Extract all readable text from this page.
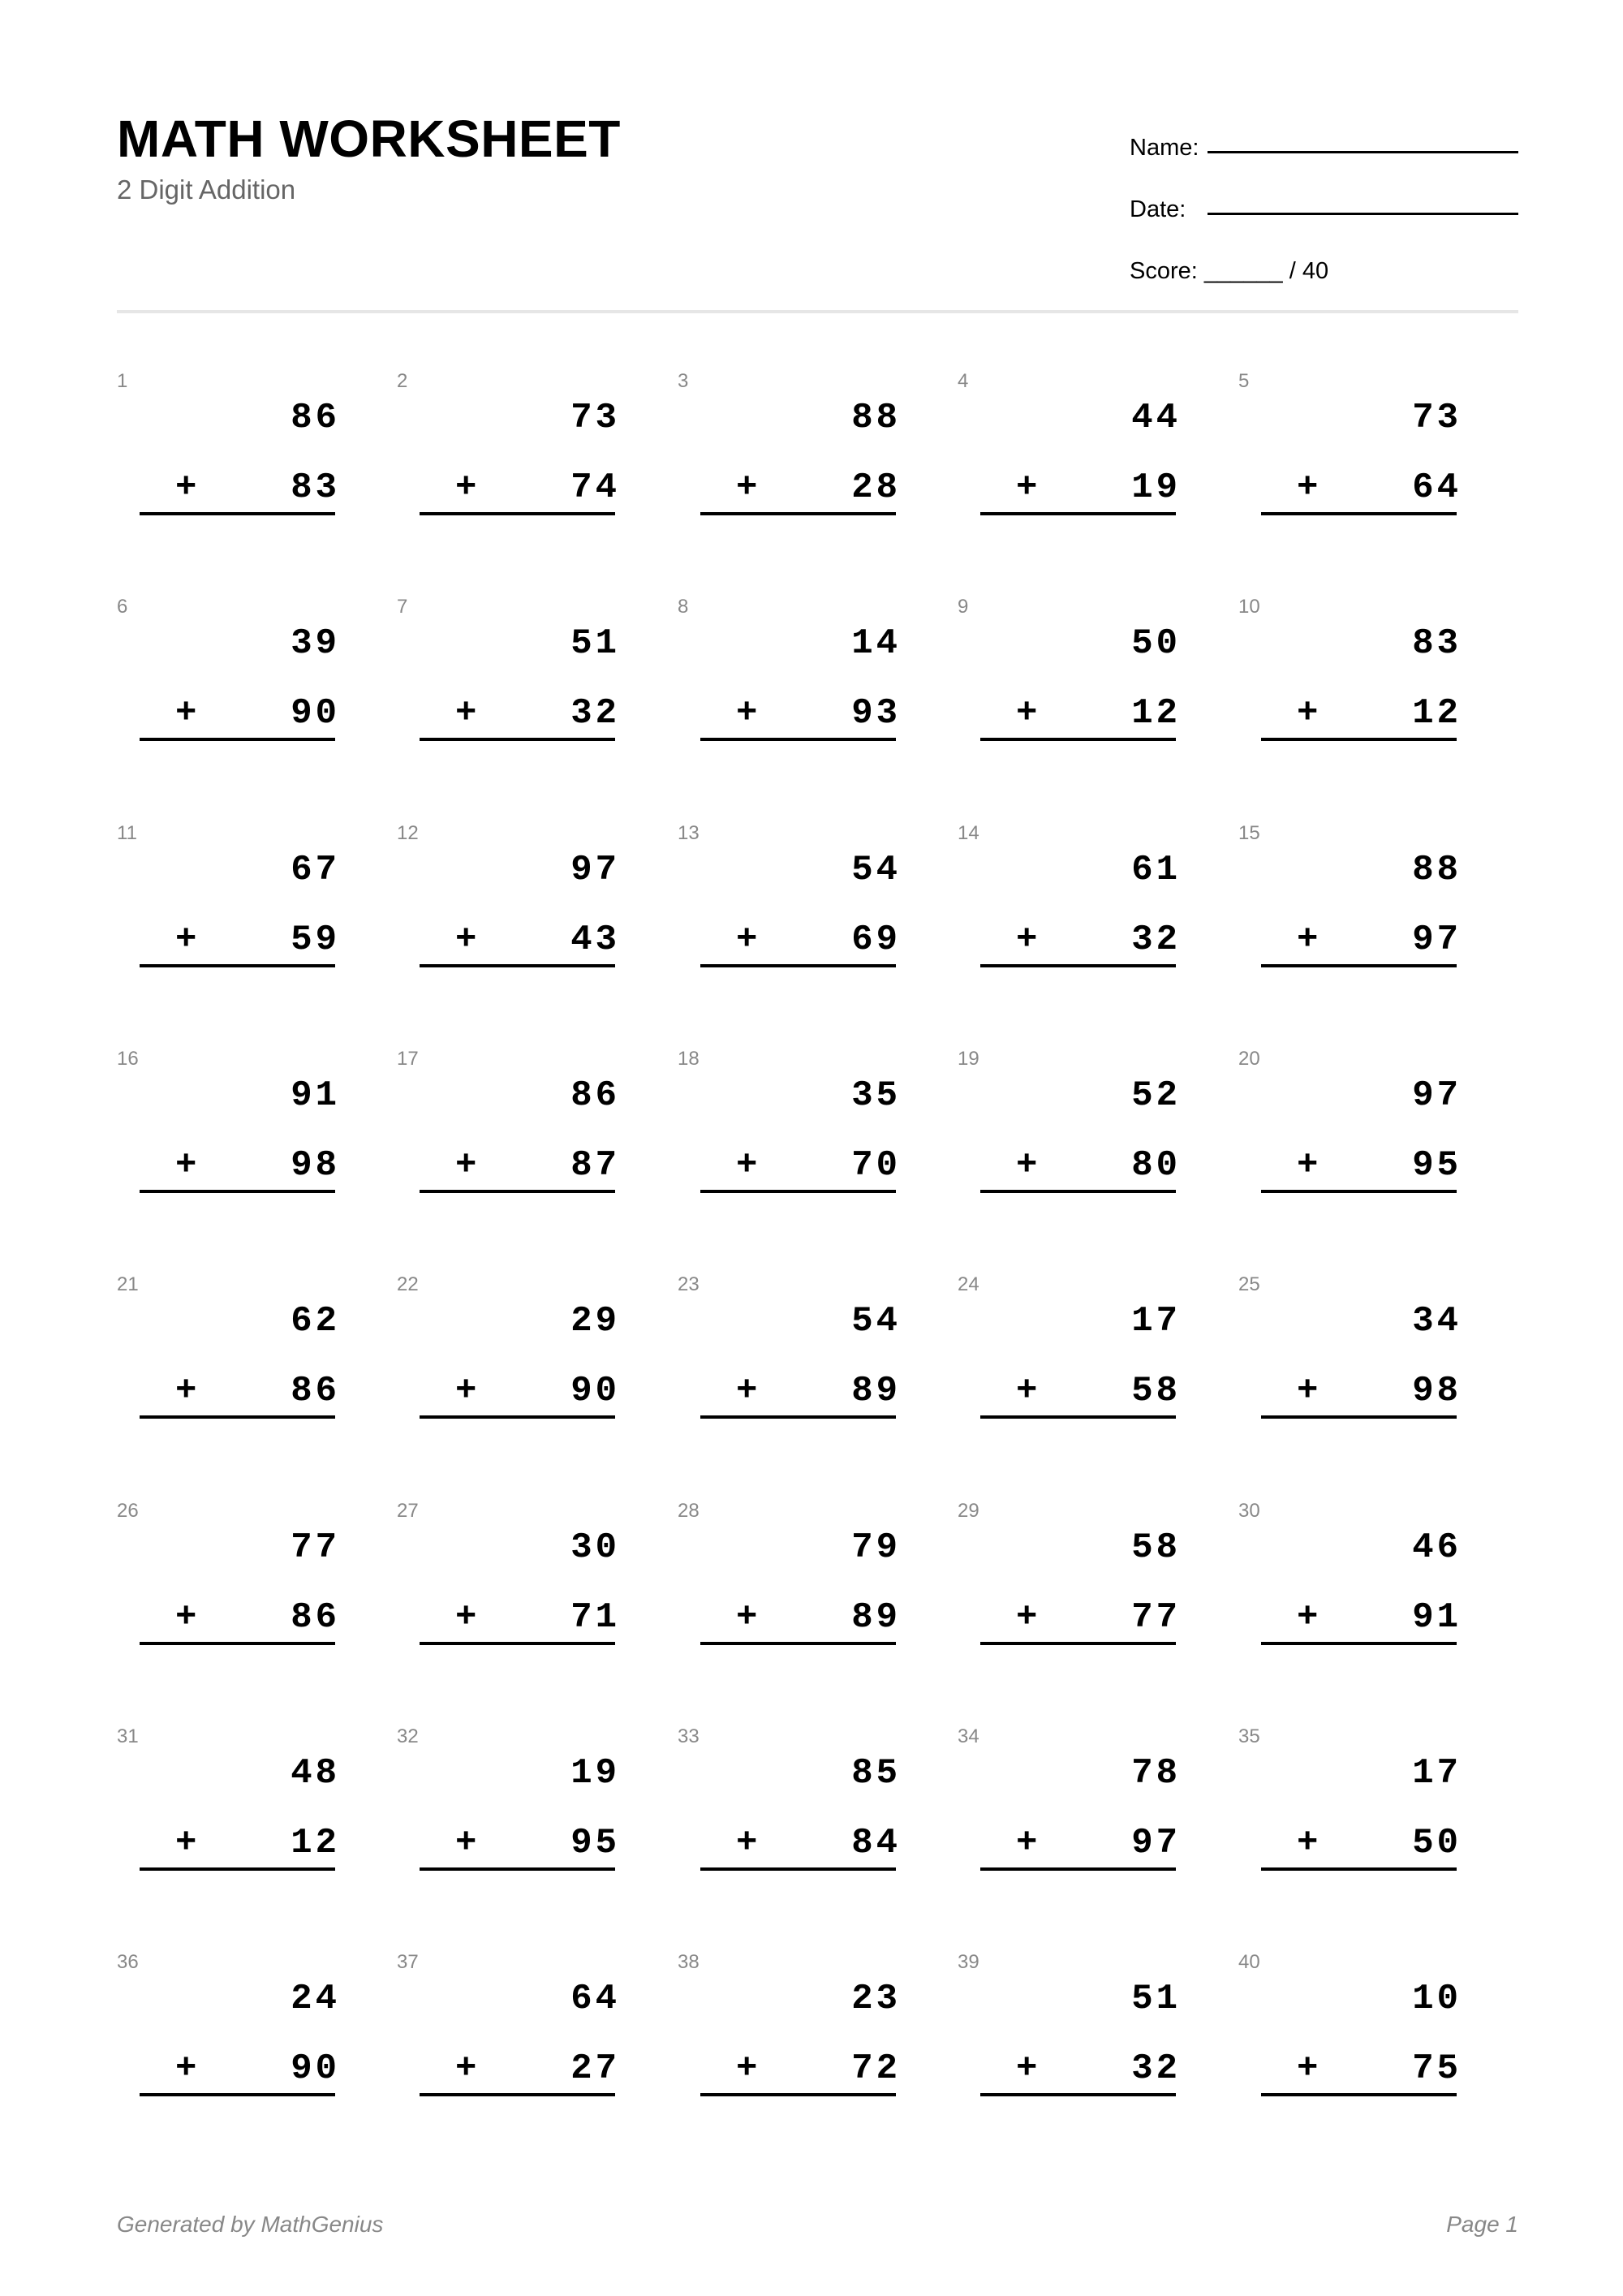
MATH WORKSHEET
2 Digit Addition
Name:
Date:
Score: ______ / 40
1
86
+	83
2
73
+	74
3
88
+	28
4
44
+	19
5
73
+	64
6
39
+	90
7
51
+	32
8
14
+	93
9
50
+	12
10
83
+	12
11
67
+	59
12
97
+	43
13
54
+	69
14
61
+	32
15
88
+	97
16
91
+	98
17
86
+	87
18
35
+	70
19
52
+	80
20
97
+	95
21
62
+	86
22
29
+	90
23
54
+	89
24
17
+	58
25
34
+	98
26
77
+	86
27
30
+	71
28
79
+	89
29
58
+	77
30
46
+	91
31
48
+	12
32
19
+	95
33
85
+	84
34
78
+	97
35
17
+	50
36
24
+	90
37
64
+	27
38
23
+	72
39
51
+	32
40
10
+	75
Generated by MathGenius	Page 1
